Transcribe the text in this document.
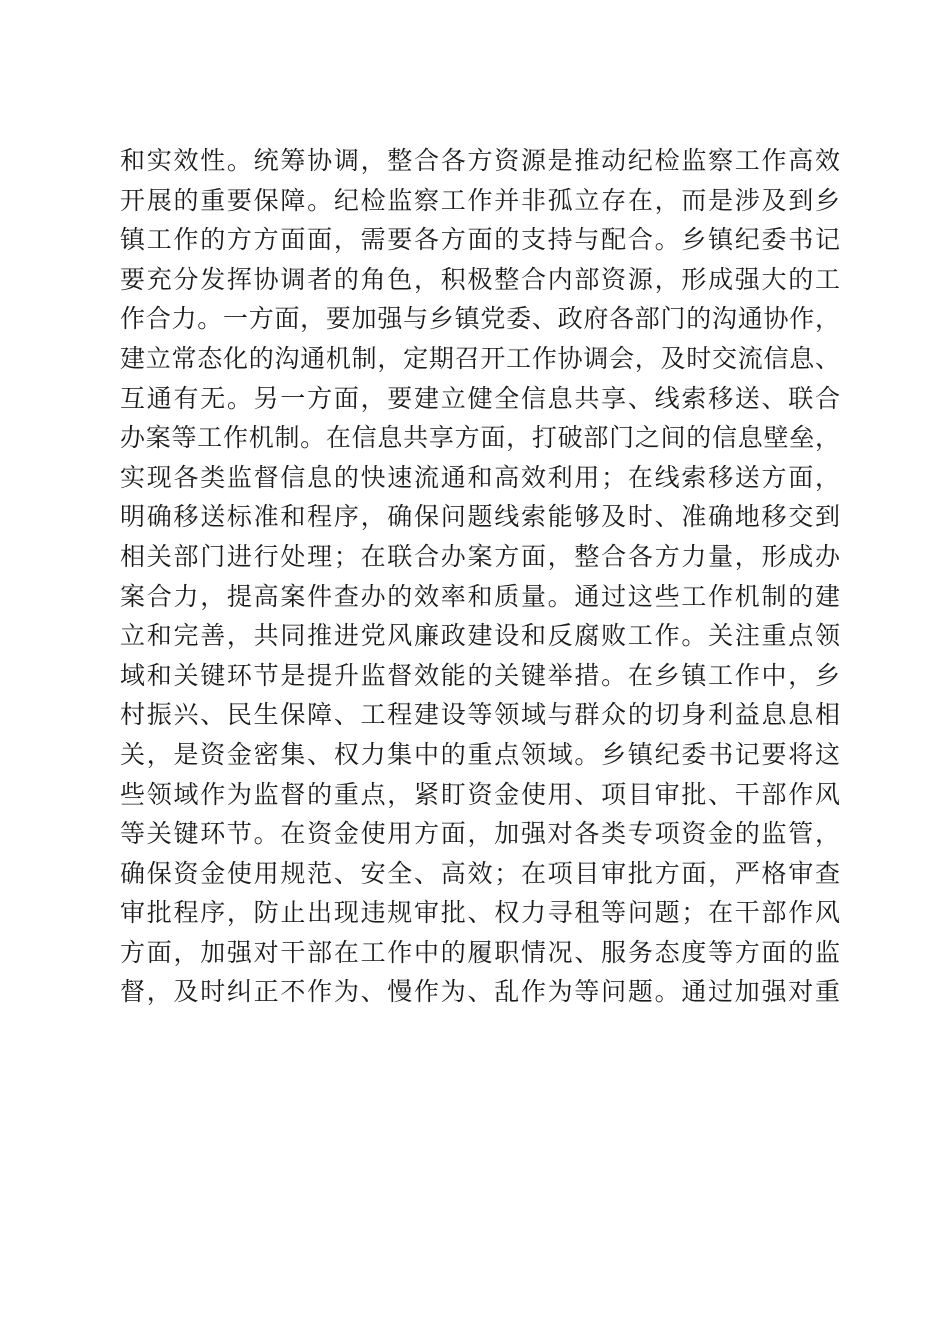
和实效性。统筹协调，整合各方资源是推动纪检监察工作高效
开展的重要保障。纪检监察工作并非孤立存在，而是涉及到乡
镇工作的方方面面，需要各方面的支持与配合。乡镇纪委书记
要充分发挥协调者的角色，积极整合内部资源，形成强大的工
作合力。一方面，要加强与乡镇党委、政府各部门的沟通协作，
建立常态化的沟通机制，定期召开工作协调会，及时交流信息、
互通有无。另一方面，要建立健全信息共享、线索移送、联合
办案等工作机制。在信息共享方面，打破部门之间的信息壁垒，
实现各类监督信息的快速流通和高效利用；在线索移送方面，
明确移送标准和程序，确保问题线索能够及时、准确地移交到
相关部门进行处理；在联合办案方面，整合各方力量，形成办
案合力，提高案件查办的效率和质量。通过这些工作机制的建
立和完善，共同推进党风廉政建设和反腐败工作。关注重点领
域和关键环节是提升监督效能的关键举措。在乡镇工作中，乡
村振兴、民生保障、工程建设等领域与群众的切身利益息息相
关，是资金密集、权力集中的重点领域。乡镇纪委书记要将这
些领域作为监督的重点，紧盯资金使用、项目审批、干部作风
等关键环节。在资金使用方面，加强对各类专项资金的监管，
确保资金使用规范、安全、高效；在项目审批方面，严格审查
审批程序，防止出现违规审批、权力寻租等问题；在干部作风
方面，加强对干部在工作中的履职情况、服务态度等方面的监
督，及时纠正不作为、慢作为、乱作为等问题。通过加强对重
